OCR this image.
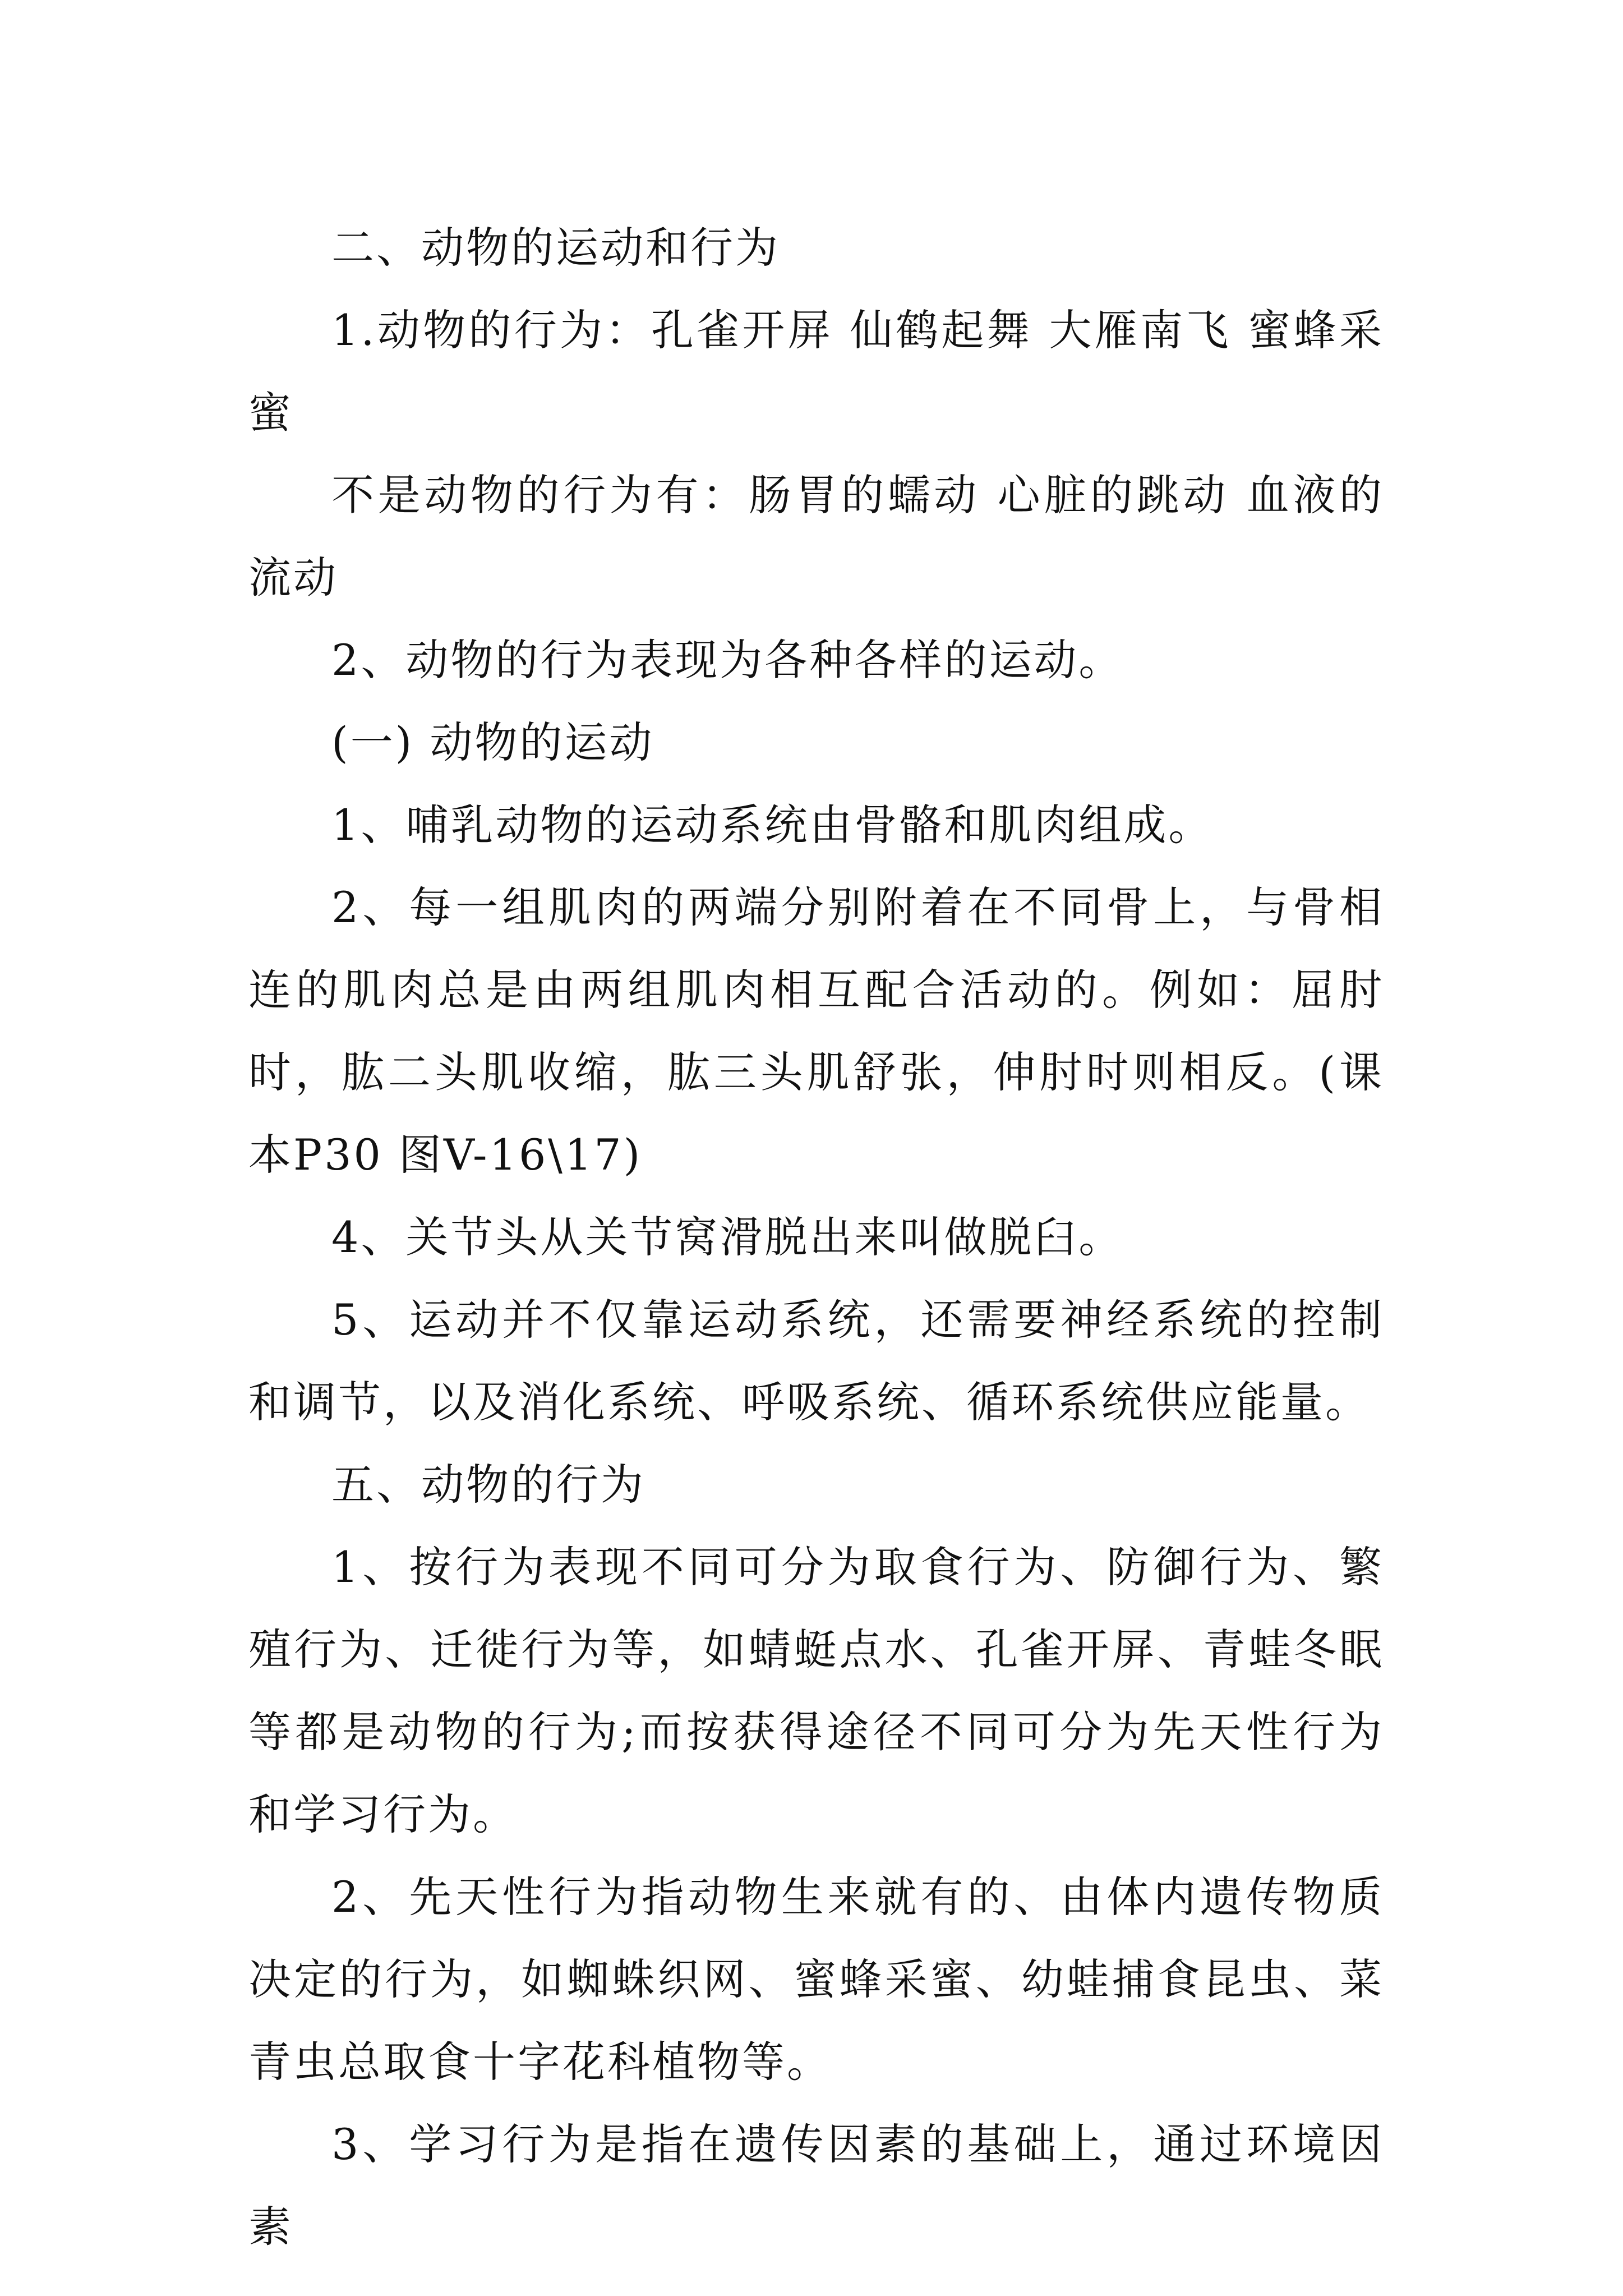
二、动物的运动和行为

1.动物的行为：孔雀开屏 仙鹤起舞 大雁南飞 蜜蜂采蜜

不是动物的行为有：肠胃的蠕动 心脏的跳动 血液的流动

2、动物的行为表现为各种各样的运动。

(一) 动物的运动

1、哺乳动物的运动系统由骨骼和肌肉组成。

2、每一组肌肉的两端分别附着在不同骨上，与骨相连的肌肉总是由两组肌肉相互配合活动的。例如：屈肘时，肱二头肌收缩，肱三头肌舒张，伸肘时则相反。(课本P30 图V-16\17)

4、关节头从关节窝滑脱出来叫做脱臼。

5、运动并不仅靠运动系统，还需要神经系统的控制和调节，以及消化系统、呼吸系统、循环系统供应能量。

五、动物的行为

1、按行为表现不同可分为取食行为、防御行为、繁殖行为、迁徙行为等，如蜻蜓点水、孔雀开屏、青蛙冬眠等都是动物的行为;而按获得途径不同可分为先天性行为和学习行为。

2、先天性行为指动物生来就有的、由体内遗传物质决定的行为，如蜘蛛织网、蜜蜂采蜜、幼蛙捕食昆虫、菜青虫总取食十字花科植物等。

3、学习行为是指在遗传因素的基础上，通过环境因素
